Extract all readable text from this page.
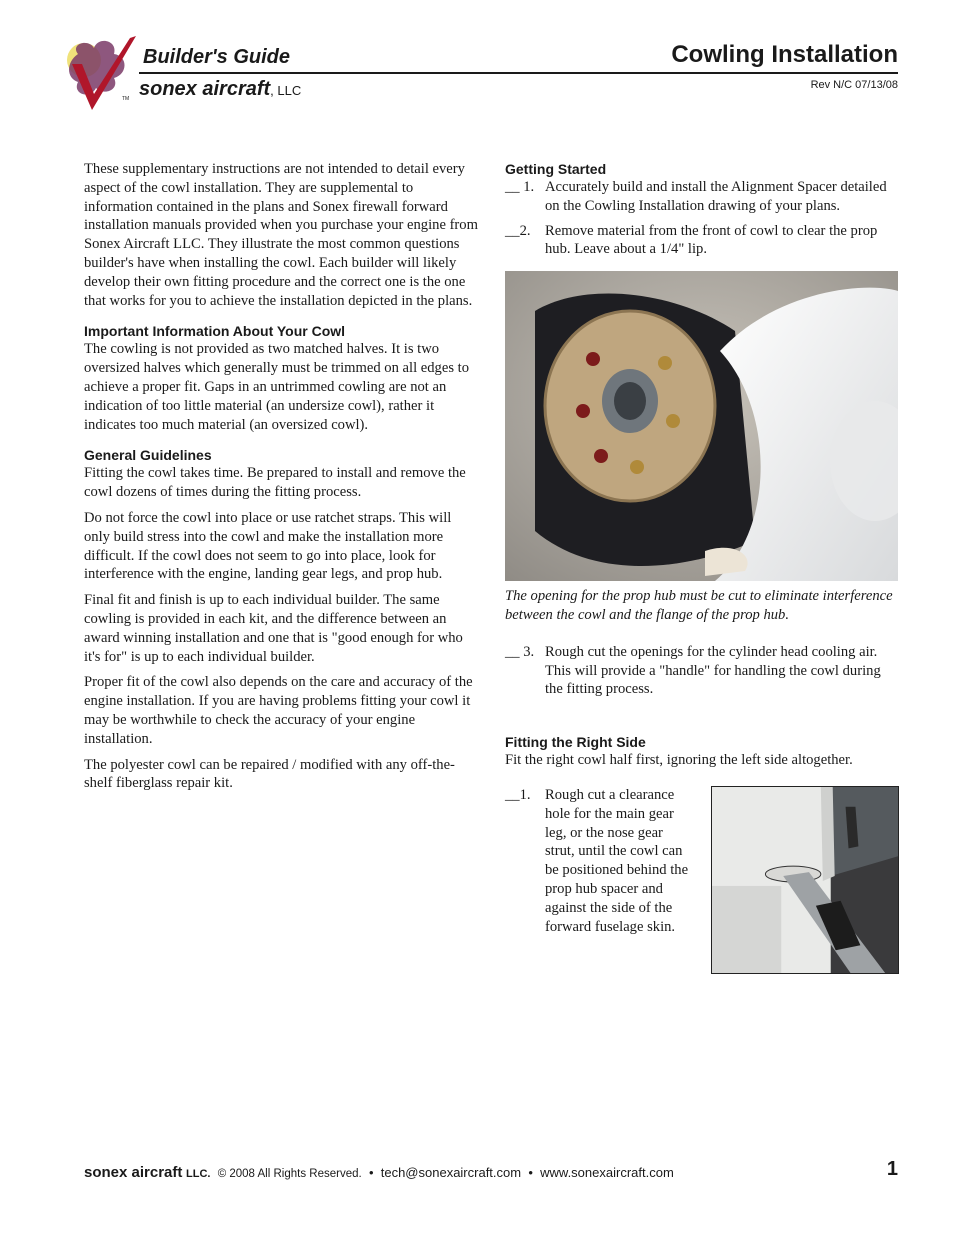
TM
Builder's Guide
sonex aircraft, LLC
Cowling Installation
Rev N/C 07/13/08

These supplementary instructions are not intended to detail every aspect of the cowl installation. They are supplemental to information contained in the plans and Sonex firewall forward installation manuals provided when you purchase your engine from Sonex Aircraft LLC. They illustrate the most common questions builder's have when installing the cowl. Each builder will likely develop their own fitting procedure and the correct one is the one that works for you to achieve the installation depicted in the plans.

Important Information About Your Cowl

The cowling is not provided as two matched halves. It is two oversized halves which generally must be trimmed on all edges to achieve a proper fit. Gaps in an untrimmed cowling are not an indication of too little material (an undersize cowl), rather it indicates too much material (an oversized cowl).

General Guidelines

Fitting the cowl takes time. Be prepared to install and remove the cowl dozens of times during the fitting process.

Do not force the cowl into place or use ratchet straps. This will only build stress into the cowl and make the installation more difficult. If the cowl does not seem to go into place, look for interference with the engine, landing gear legs, and prop hub.

Final fit and finish is up to each individual builder. The same cowling is provided in each kit, and the difference between an award winning installation and one that is "good enough for who it's for" is up to each individual builder.

Proper fit of the cowl also depends on the care and accuracy of the engine installation. If you are having problems fitting your cowl it may be worthwhile to check the accuracy of your engine installation.

The polyester cowl can be repaired / modified with any off-the-shelf fiberglass repair kit.

Getting Started
__ 1. Accurately build and install the Alignment Spacer detailed on the Cowling Installation drawing of your plans.
__2. Remove material from the front of cowl to clear the prop hub. Leave about a 1/4" lip.

The opening for the prop hub must be cut to eliminate interference between the cowl and the flange of the prop hub.

__ 3. Rough cut the openings for the cylinder head cooling air. This will provide a "handle" for handling the cowl during the fitting process.
Fitting the Right Side

Fit the right cowl half first, ignoring the left side altogether.

__1. Rough cut a clearance hole for the main gear leg, or the nose gear strut, until the cowl can be positioned behind the prop hub spacer and against the side of the forward fuselage skin.
sonex aircraft LLC. © 2008 All Rights Reserved. • tech@sonexaircraft.com • www.sonexaircraft.com	1
